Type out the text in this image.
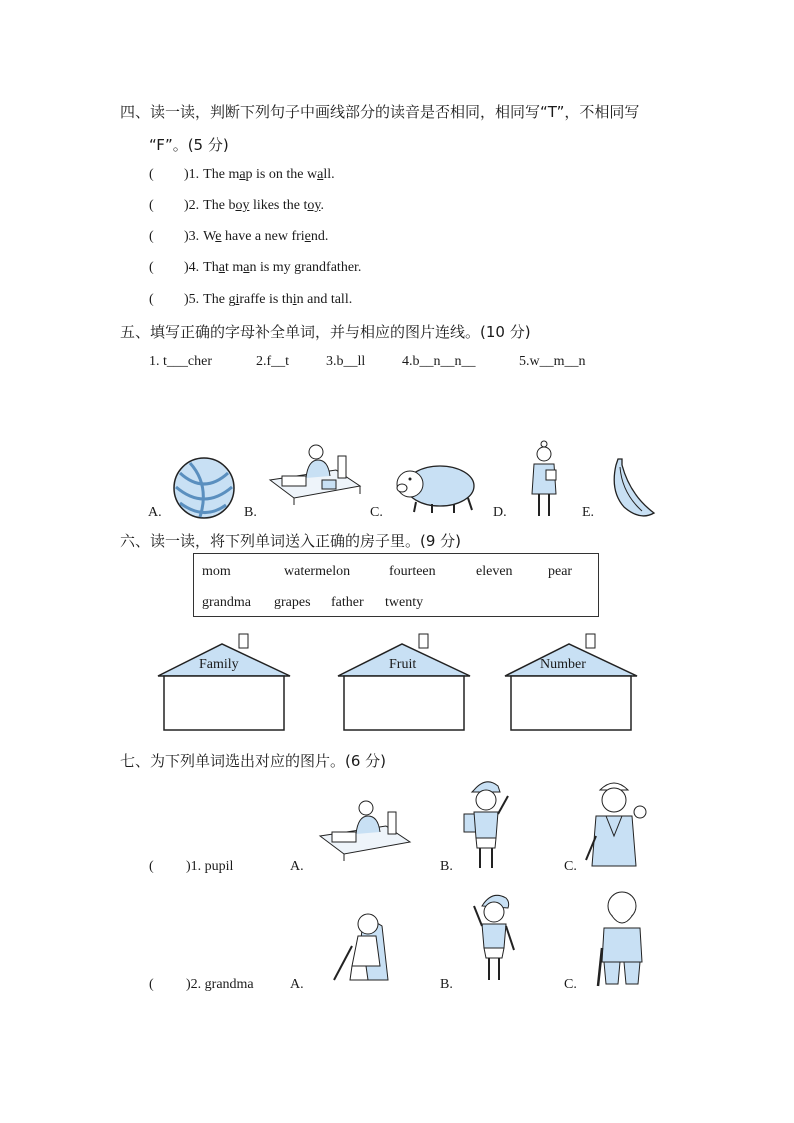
四、读一读，判断下列句子中画线部分的读音是否相同，相同写“T”，不相同写
“F”。(5 分)
( )1. The map is on the wall.
( )2. The boy likes the toy.
( )3. We have a new friend.
( )4. That man is my grandfather.
( )5. The giraffe is thin and tall.
五、填写正确的字母补全单词，并与相应的图片连线。(10 分)
1. t___cher	2.f__t	3.b__ll	4.b__n__n__	5.w__m__n
A.	B.	C.	D.	E.
六、读一读，将下列单词送入正确的房子里。(9 分)
mom	watermelon	fourteen	eleven	pear
grandma grapes father twenty
Family	Fruit	Number
七、为下列单词选出对应的图片。(6 分)
( )1. pupil	A.	B.	C.
( )2. grandma	A.	B.	C.
